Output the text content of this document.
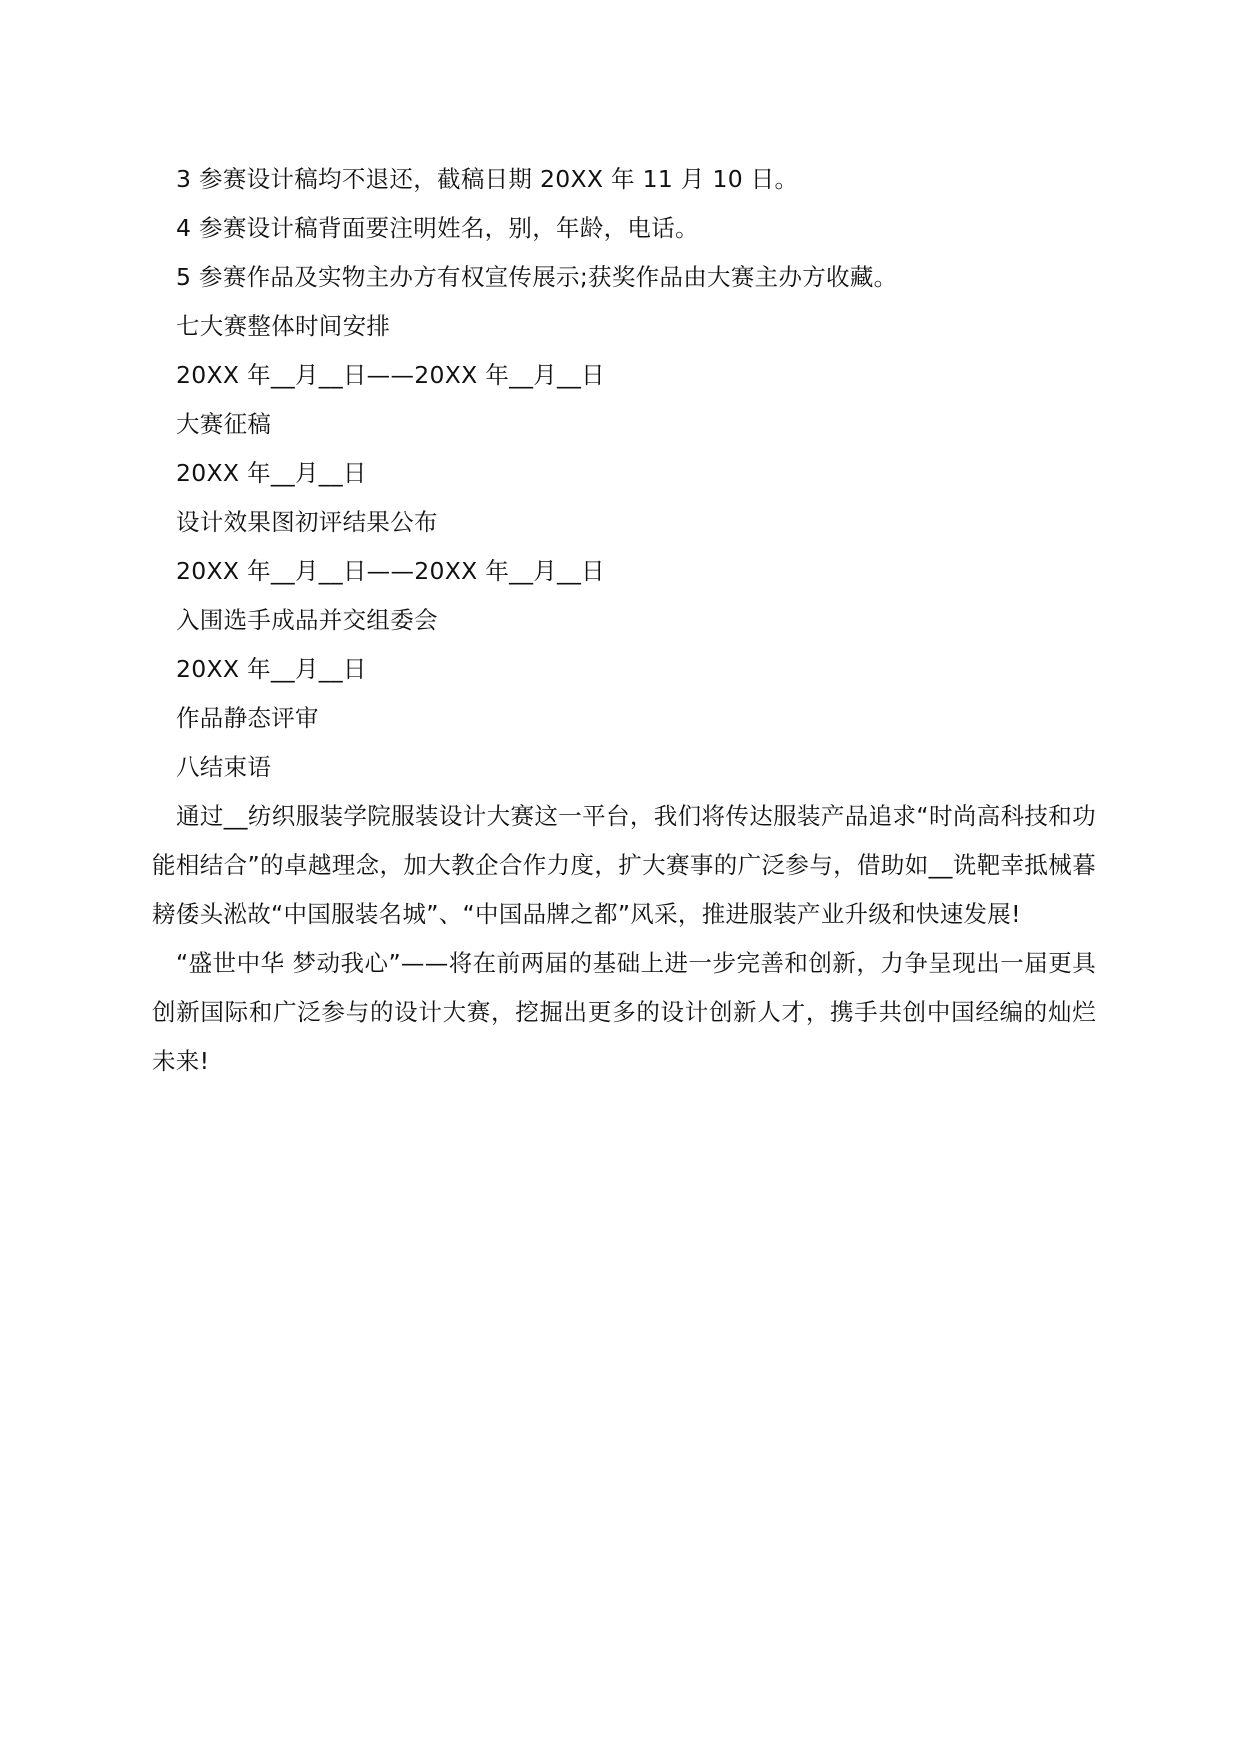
3 参赛设计稿均不退还，截稿日期 20XX 年 11 月 10 日。

4 参赛设计稿背面要注明姓名，别，年龄，电话。

5 参赛作品及实物主办方有权宣传展示;获奖作品由大赛主办方收藏。

七大赛整体时间安排

20XX 年__月__日——20XX 年__月__日

大赛征稿

20XX 年__月__日

设计效果图初评结果公布

20XX 年__月__日——20XX 年__月__日

入围选手成品并交组委会

20XX 年__月__日

作品静态评审

八结束语

通过__纺织服装学院服装设计大赛这一平台，我们将传达服装产品追求“时尚高科技和功能相结合”的卓越理念，加大教企合作力度，扩大赛事的广泛参与，借助如__诜靶幸抵械暮耪倭头淞故“中国服装名城”、“中国品牌之都”风采，推进服装产业升级和快速发展!

“盛世中华 梦动我心”——将在前两届的基础上进一步完善和创新，力争呈现出一届更具创新国际和广泛参与的设计大赛，挖掘出更多的设计创新人才，携手共创中国经编的灿烂未来!
